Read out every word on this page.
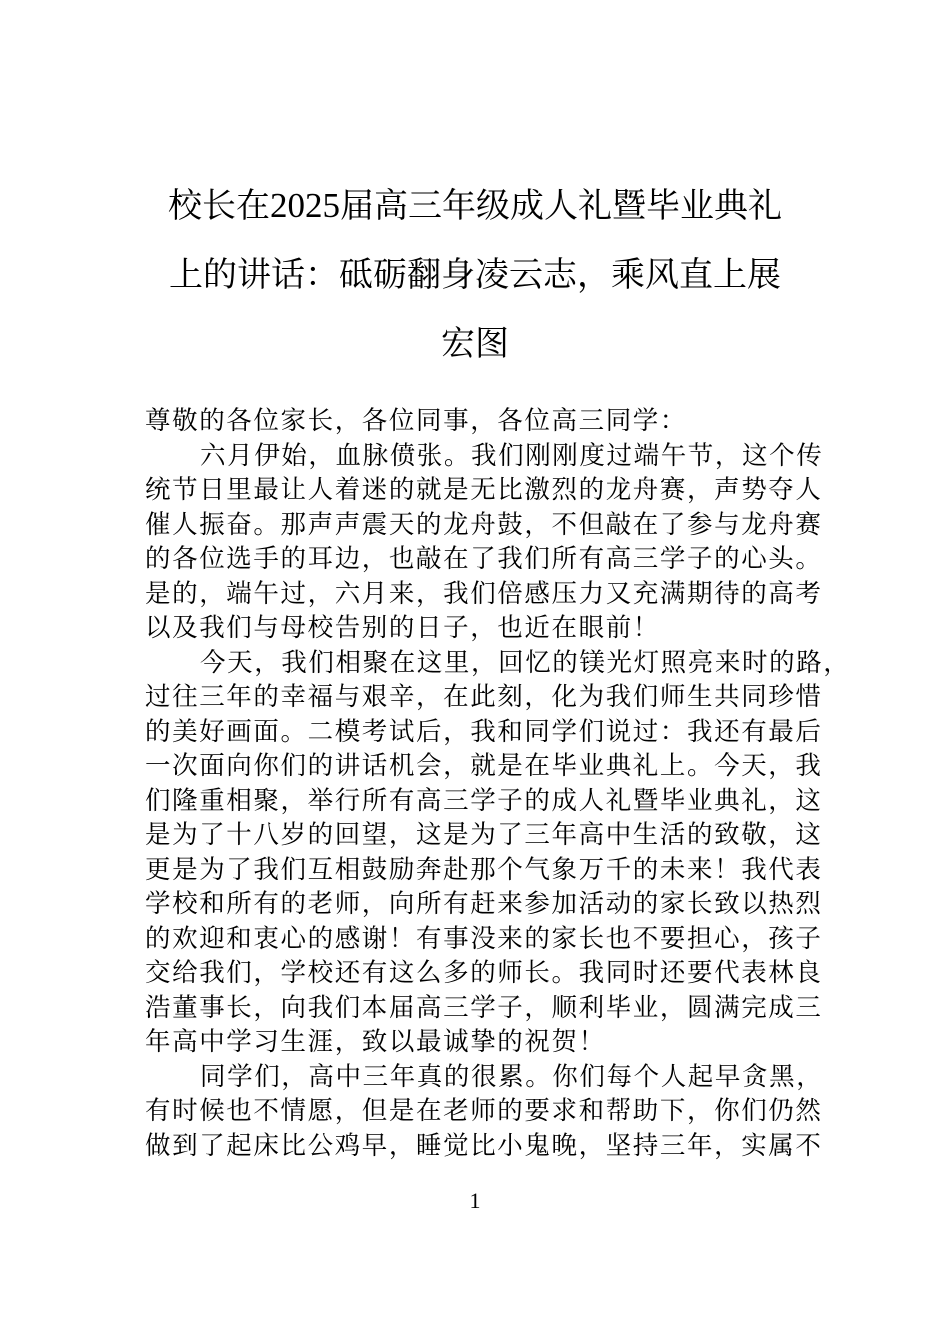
校长在2025届高三年级成人礼暨毕业典礼
上的讲话：砥砺翻身凌云志，乘风直上展
宏图
尊敬的各位家长，各位同事，各位高三同学：
六月伊始，血脉偾张。我们刚刚度过端午节，这个传
统节日里最让人着迷的就是无比激烈的龙舟赛，声势夺人
催人振奋。那声声震天的龙舟鼓，不但敲在了参与龙舟赛
的各位选手的耳边，也敲在了我们所有高三学子的心头。
是的，端午过，六月来，我们倍感压力又充满期待的高考
以及我们与母校告别的日子，也近在眼前！
今天，我们相聚在这里，回忆的镁光灯照亮来时的路，
过往三年的幸福与艰辛，在此刻，化为我们师生共同珍惜
的美好画面。二模考试后，我和同学们说过：我还有最后
一次面向你们的讲话机会，就是在毕业典礼上。今天，我
们隆重相聚，举行所有高三学子的成人礼暨毕业典礼，这
是为了十八岁的回望，这是为了三年高中生活的致敬，这
更是为了我们互相鼓励奔赴那个气象万千的未来！我代表
学校和所有的老师，向所有赶来参加活动的家长致以热烈
的欢迎和衷心的感谢！有事没来的家长也不要担心，孩子
交给我们，学校还有这么多的师长。我同时还要代表林良
浩董事长，向我们本届高三学子，顺利毕业，圆满完成三
年高中学习生涯，致以最诚挚的祝贺！
同学们，高中三年真的很累。你们每个人起早贪黑，
有时候也不情愿，但是在老师的要求和帮助下，你们仍然
做到了起床比公鸡早，睡觉比小鬼晚，坚持三年，实属不
1
